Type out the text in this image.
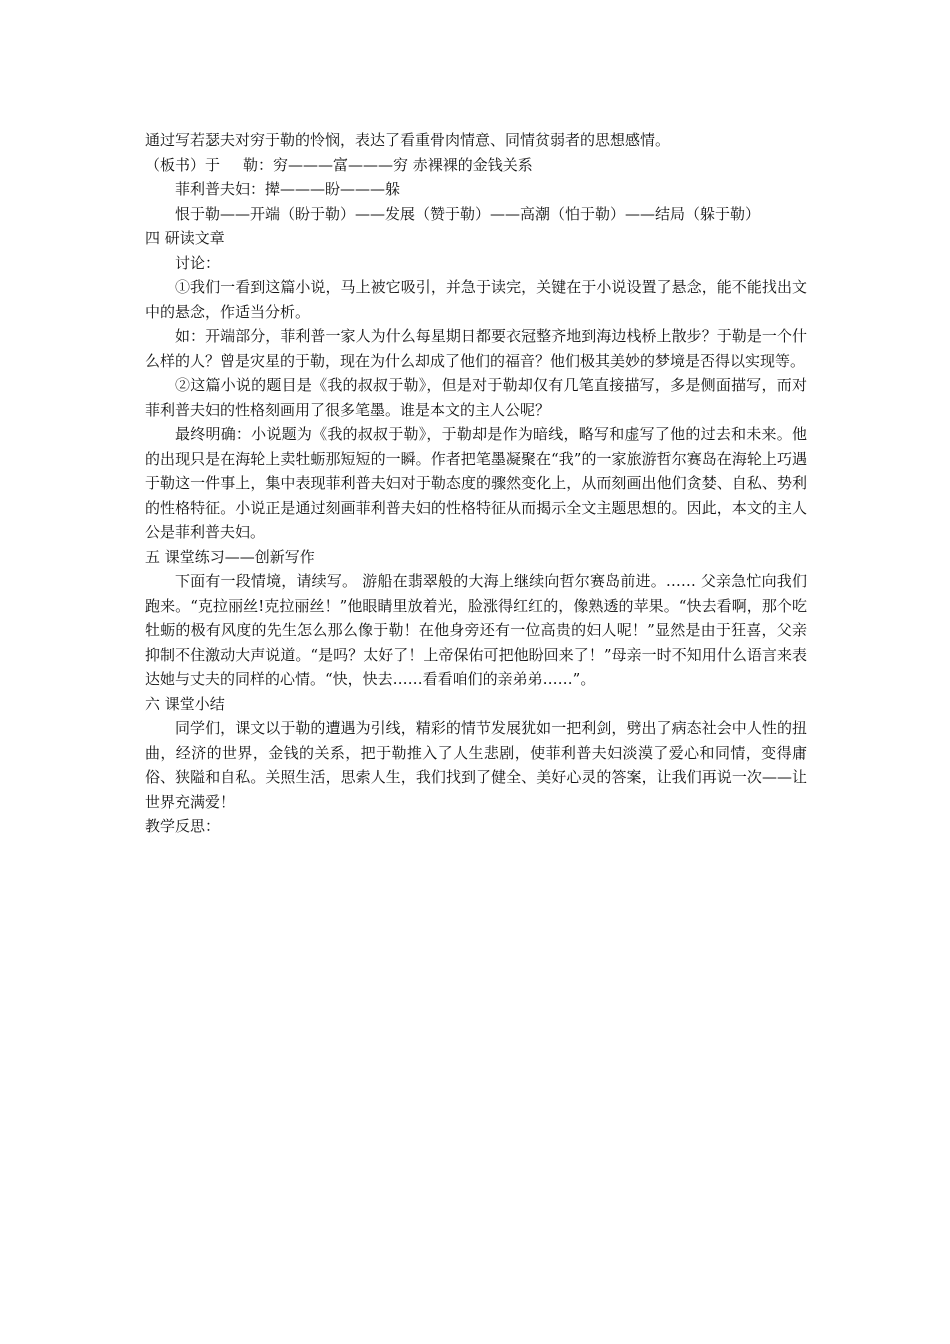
通过写若瑟夫对穷于勒的怜悯，表达了看重骨肉情意、同情贫弱者的思想感情。
（板书）于 勒：穷———富———穷 赤裸裸的金钱关系
菲利普夫妇：撵———盼———躲
恨于勒——开端（盼于勒）——发展（赞于勒）——高潮（怕于勒）——结局（躲于勒）
四 研读文章
讨论：
①我们一看到这篇小说，马上被它吸引，并急于读完，关键在于小说设置了悬念，能不能找出文中的悬念，作适当分析。
如：开端部分，菲利普一家人为什么每星期日都要衣冠整齐地到海边栈桥上散步？于勒是一个什么样的人？曾是灾星的于勒，现在为什么却成了他们的福音？他们极其美妙的梦境是否得以实现等。
②这篇小说的题目是《我的叔叔于勒》，但是对于勒却仅有几笔直接描写，多是侧面描写，而对菲利普夫妇的性格刻画用了很多笔墨。谁是本文的主人公呢？
最终明确：小说题为《我的叔叔于勒》，于勒却是作为暗线，略写和虚写了他的过去和未来。他的出现只是在海轮上卖牡蛎那短短的一瞬。作者把笔墨凝聚在“我”的一家旅游哲尔赛岛在海轮上巧遇于勒这一件事上，集中表现菲利普夫妇对于勒态度的骤然变化上，从而刻画出他们贪婪、自私、势利的性格特征。小说正是通过刻画菲利普夫妇的性格特征从而揭示全文主题思想的。因此，本文的主人公是菲利普夫妇。
五 课堂练习——创新写作
下面有一段情境，请续写。 游船在翡翠般的大海上继续向哲尔赛岛前进。…… 父亲急忙向我们跑来。“克拉丽丝!克拉丽丝！”他眼睛里放着光，脸涨得红红的，像熟透的苹果。“快去看啊，那个吃牡蛎的极有风度的先生怎么那么像于勒！在他身旁还有一位高贵的妇人呢！”显然是由于狂喜，父亲抑制不住激动大声说道。“是吗？太好了！上帝保佑可把他盼回来了！”母亲一时不知用什么语言来表达她与丈夫的同样的心情。“快，快去……看看咱们的亲弟弟……”。
六 课堂小结
同学们，课文以于勒的遭遇为引线，精彩的情节发展犹如一把利剑，劈出了病态社会中人性的扭曲，经济的世界，金钱的关系，把于勒推入了人生悲剧，使菲利普夫妇淡漠了爱心和同情，变得庸俗、狭隘和自私。关照生活，思索人生，我们找到了健全、美好心灵的答案，让我们再说一次——让世界充满爱！
教学反思：
